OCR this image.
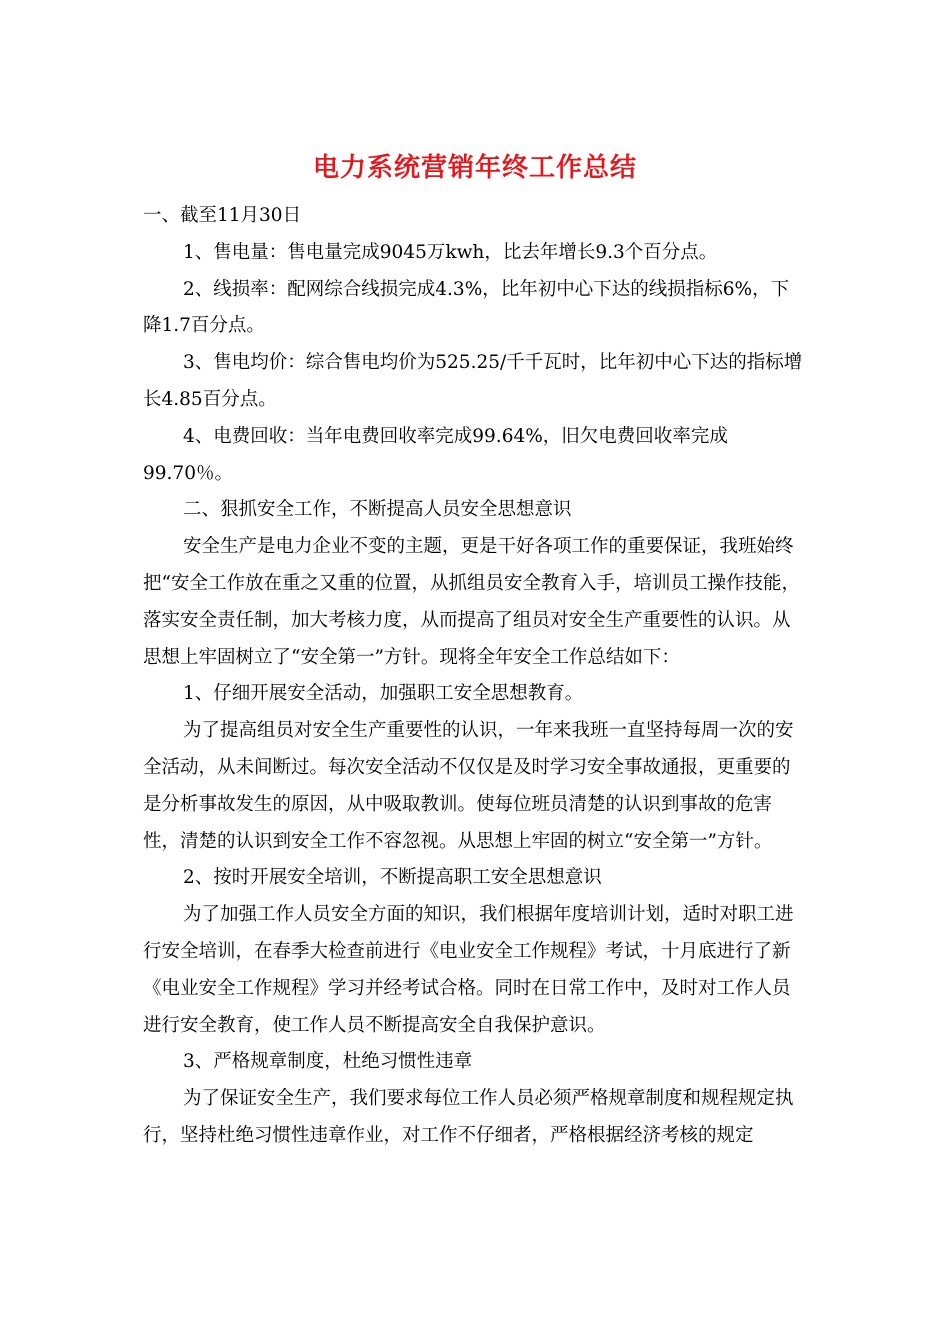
电力系统营销年终工作总结

一、截至11月30日

1、售电量：售电量完成9045万kwh，比去年增长9.3个百分点。

2、线损率：配网综合线损完成4.3%，比年初中心下达的线损指标6%，下降1.7百分点。

3、售电均价：综合售电均价为525.25/千千瓦时，比年初中心下达的指标增长4.85百分点。

4、电费回收：当年电费回收率完成99.64%，旧欠电费回收率完成

99.70％。

二、狠抓安全工作，不断提高人员安全思想意识

安全生产是电力企业不变的主题，更是干好各项工作的重要保证，我班始终把“安全工作放在重之又重的位置，从抓组员安全教育入手，培训员工操作技能，落实安全责任制，加大考核力度，从而提高了组员对安全生产重要性的认识。从思想上牢固树立了“安全第一”方针。现将全年安全工作总结如下：

1、仔细开展安全活动，加强职工安全思想教育。

为了提高组员对安全生产重要性的认识，一年来我班一直坚持每周一次的安全活动，从未间断过。每次安全活动不仅仅是及时学习安全事故通报，更重要的是分析事故发生的原因，从中吸取教训。使每位班员清楚的认识到事故的危害性，清楚的认识到安全工作不容忽视。从思想上牢固的树立“安全第一”方针。

2、按时开展安全培训，不断提高职工安全思想意识

为了加强工作人员安全方面的知识，我们根据年度培训计划，适时对职工进行安全培训，在春季大检查前进行《电业安全工作规程》考试，十月底进行了新《电业安全工作规程》学习并经考试合格。同时在日常工作中，及时对工作人员进行安全教育，使工作人员不断提高安全自我保护意识。

3、严格规章制度，杜绝习惯性违章

为了保证安全生产，我们要求每位工作人员必须严格规章制度和规程规定执行，坚持杜绝习惯性违章作业，对工作不仔细者，严格根据经济考核的规定
